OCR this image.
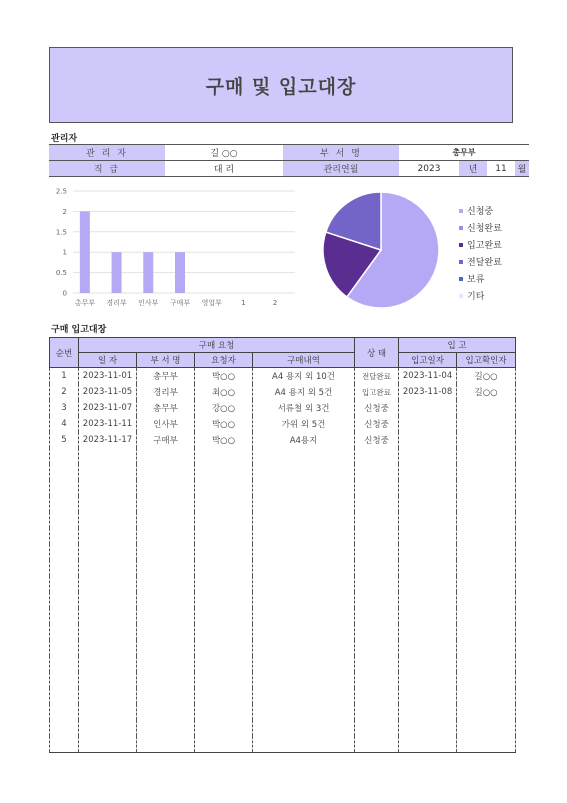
구매 및 입고대장
관리자
관 리 자	길 ○○	부 서 명	총무부			
직 급	대 리	관리연월	2023	년	11	월
0
0.5
1
1.5
2
2.5
총무부 경리부 인사부 구매부 영업부	1	2
신청중
신청완료
입고완료
전달완료
보류
기타
구매 입고대장
순번	구매 요청				상 태	입 고	
	일 자	부 서 명	요청자	구매내역		입고일자	입고확인자
1	2023-11-01	총무부	박○○	A4 용지 외 10건	전달완료	2023-11-04	길○○
2	2023-11-05	경리부	최○○	A4 용지 외 5건	입고완료	2023-11-08	길○○
3	2023-11-07	총무부	강○○	서류철 외 3건	신청중		
4	2023-11-11	인사부	박○○	가위 외 5건	신청중		
5	2023-11-17	구매부	박○○	A4용지	신청중		
